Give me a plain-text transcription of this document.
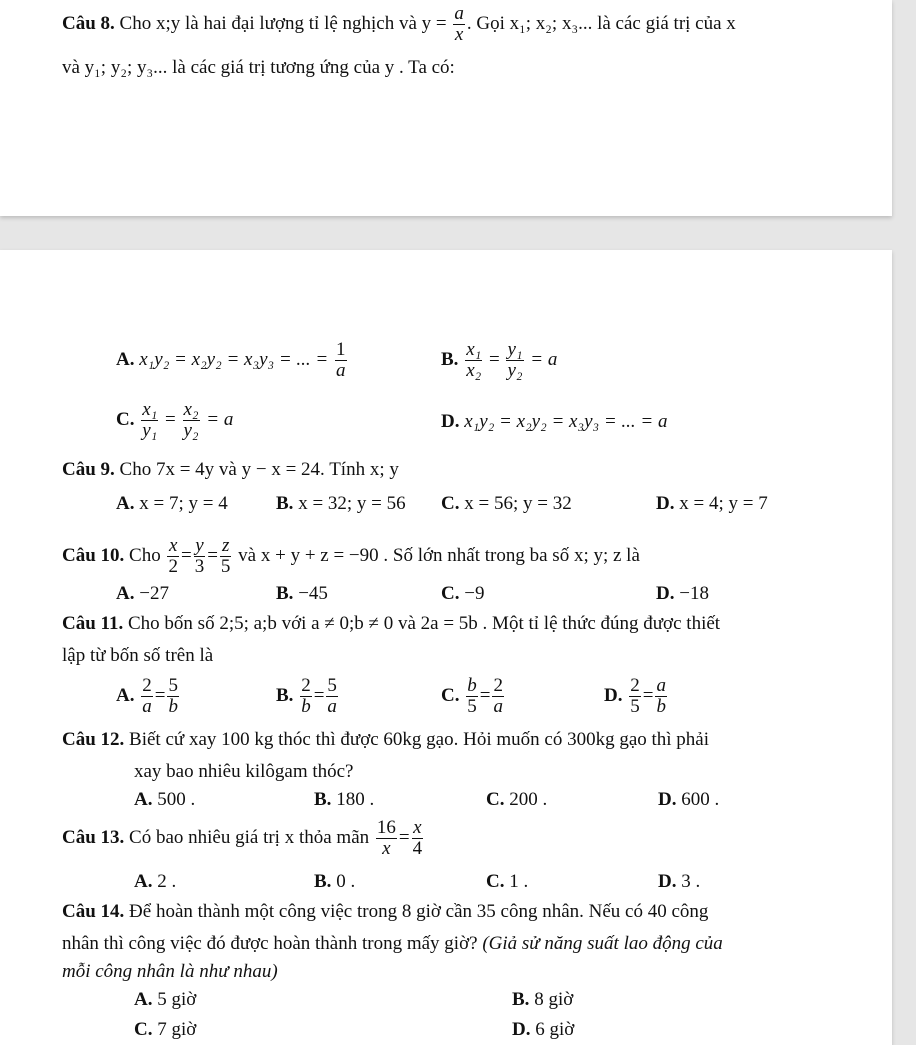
Câu 8. Cho x;y là hai đại lượng tỉ lệ nghịch và $y = \frac{a}{x}$ . Gọi x₁; x₂; x₃... là các giá trị của x
và y₁; y₂; y₃... là các giá trị tương ứng của y . Ta có:
A. x₁y₂ = x₂y₂ = x₃y₃ = ... = $\frac{1}{a}$	B. $\frac{\text{x₁}}{\text{x₂}} = \frac{\text{y₁}}{\text{y₂}} = a$
C. $\frac{\text{x₁}}{\text{y₁}} = \frac{\text{x₂}}{\text{y₂}} = a$	D. x₁y₂ = x₂y₂ = x₃y₃ = ... = a
Câu 9. Cho 7x = 4y và y − x = 24. Tính x; y
A. x = 7; y = 4	B. x = 32; y = 56 C. x = 56; y = 32	D. x = 4; y = 7
Câu 10. Cho $\frac{x}{2} = \frac{y}{3} = \frac{z}{5}$ và x + y + z = −90 . Số lớn nhất trong ba số x; y; z là
A. −27	B. −45	C. −9	D. −18
Câu 11. Cho bốn số 2;5; a;b với a ≠ 0;b ≠ 0 và 2a = 5b . Một tỉ lệ thức đúng được thiết
lập từ bốn số trên là
A. $\frac{2}{a} = \frac{5}{b}$	B. $\frac{2}{b} = \frac{5}{a}$	C. $\frac{b}{5} = \frac{2}{a}$	D. $\frac{2}{5} = \frac{a}{b}$
Câu 12. Biết cứ xay 100 kg thóc thì được 60kg gạo. Hỏi muốn có 300kg gạo thì phải
xay bao nhiêu kilôgam thóc?
A. 500 .	B. 180 .	C. 200 .	D. 600 .
Câu 13. Có bao nhiêu giá trị x thỏa mãn $\frac{16}{x} = \frac{x}{4}$
A. 2 .	B. 0 .	C. 1 .	D. 3 .
Câu 14. Để hoàn thành một công việc trong 8 giờ cần 35 công nhân. Nếu có 40 công
nhân thì công việc đó được hoàn thành trong mấy giờ? (Giả sử năng suất lao động của
mỗi công nhân là như nhau)
A. 5 giờ	B. 8 giờ
C. 7 giờ	D. 6 giờ
